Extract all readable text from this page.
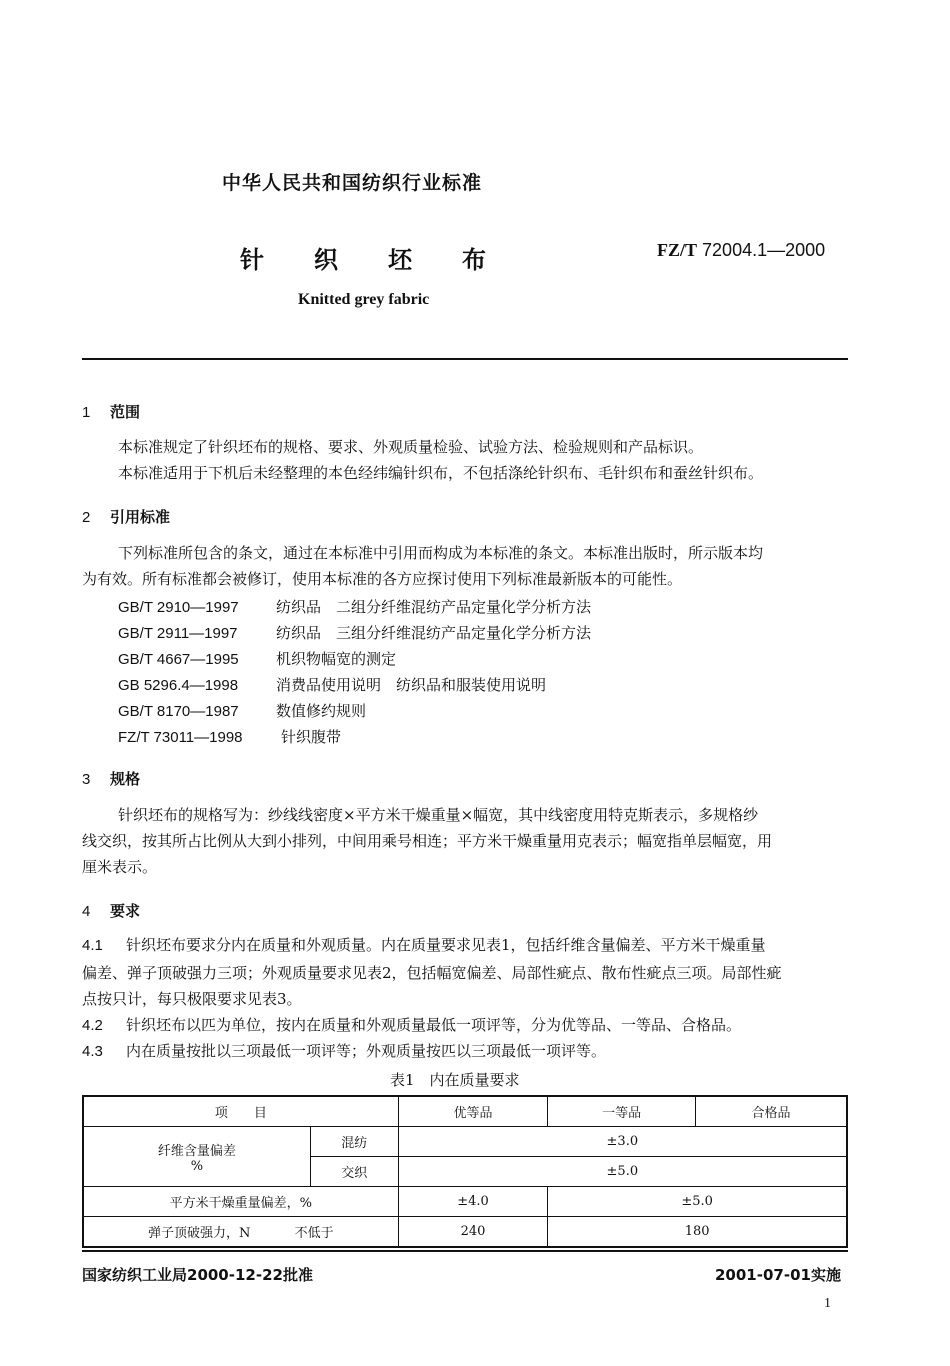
中华人民共和国纺织行业标准
针织坯布	FZ/T 72004.1—2000
Knitted grey fabric
1 范围
本标准规定了针织坯布的规格、要求、外观质量检验、试验方法、检验规则和产品标识。
本标准适用于下机后未经整理的本色经纬编针织布，不包括涤纶针织布、毛针织布和蚕丝针织布。
2 引用标准
下列标准所包含的条文，通过在本标准中引用而构成为本标准的条文。本标准出版时，所示版本均
为有效。所有标准都会被修订，使用本标准的各方应探讨使用下列标准最新版本的可能性。
GB/T 2910—1997 纺织品　二组分纤维混纺产品定量化学分析方法
GB/T 2911—1997	纺织品　三组分纤维混纺产品定量化学分析方法
GB/T 4667—1995 机织物幅宽的测定
GB 5296.4—1998	消费品使用说明　纺织品和服装使用说明
GB/T 8170—1987 数值修约规则
FZ/T 73011—1998	针织腹带
3 规格
针织坯布的规格写为：纱线线密度×平方米干燥重量×幅宽，其中线密度用特克斯表示，多规格纱
线交织，按其所占比例从大到小排列，中间用乘号相连；平方米干燥重量用克表示；幅宽指单层幅宽，用
厘米表示。
4 要求
4.1 针织坯布要求分内在质量和外观质量。内在质量要求见表1，包括纤维含量偏差、平方米干燥重量
偏差、弹子顶破强力三项；外观质量要求见表2，包括幅宽偏差、局部性疵点、散布性疵点三项。局部性疵
点按只计，每只极限要求见表3。
4.2 针织坯布以匹为单位，按内在质量和外观质量最低一项评等，分为优等品、一等品、合格品。
4.3 内在质量按批以三项最低一项评等；外观质量按匹以三项最低一项评等。
表1　内在质量要求
项　　目		优等品	一等品	合格品

纤维含量偏差
%	混纺	±3.0		
	交织	±5.0		
平方米干燥重量偏差，%		±4.0	±5.0	
弹子顶破强力，N 不低于		240	180	
国家纺织工业局2000-12-22批准	2001-07-01实施
1
